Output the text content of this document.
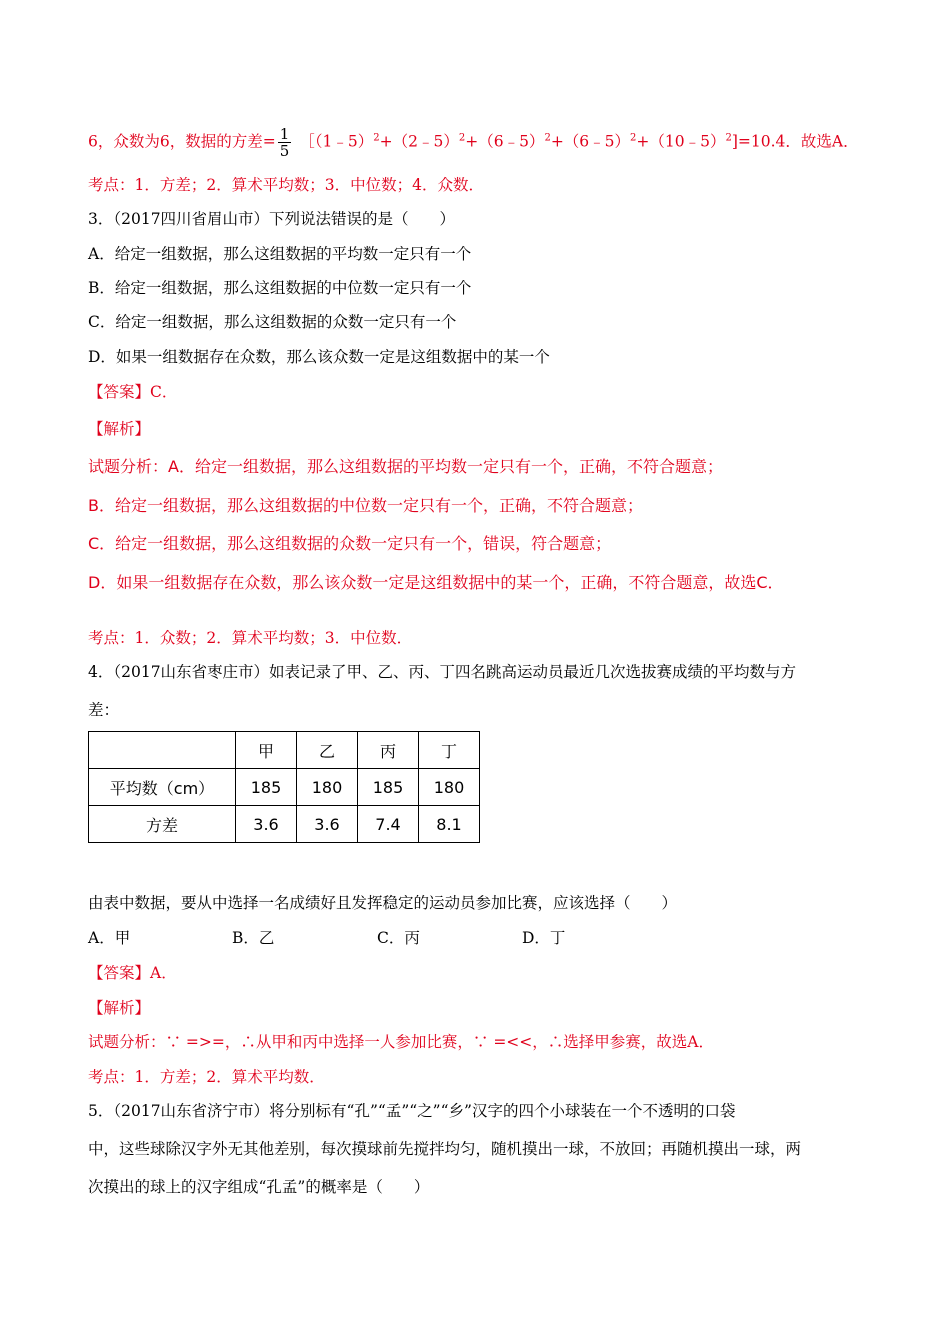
6，众数为6，数据的方差= $\frac{1}{5}$ ［（1﹣5）$^2$+（2﹣5）$^2$+（6﹣5）$^2$+（6﹣5）$^2$+（10﹣5）$^2$]=10.4．故选A．
考点：1．方差；2．算术平均数；3．中位数；4．众数．
3．（2017四川省眉山市）下列说法错误的是（　　）
A．给定一组数据，那么这组数据的平均数一定只有一个
B．给定一组数据，那么这组数据的中位数一定只有一个
C．给定一组数据，那么这组数据的众数一定只有一个
D．如果一组数据存在众数，那么该众数一定是这组数据中的某一个
【答案】C．
【解析】
试题分析：A．给定一组数据，那么这组数据的平均数一定只有一个，正确，不符合题意；
B．给定一组数据，那么这组数据的中位数一定只有一个，正确，不符合题意；
C．给定一组数据，那么这组数据的众数一定只有一个，错误，符合题意；
D．如果一组数据存在众数，那么该众数一定是这组数据中的某一个，正确，不符合题意，故选C．
考点：1．众数；2．算术平均数；3．中位数．
4．（2017山东省枣庄市）如表记录了甲、乙、丙、丁四名跳高运动员最近几次选拔赛成绩的平均数与方
差：
	甲	乙	丙	丁
平均数（cm）	185	180	185	180
方差	3.6	3.6	7.4	8.1
由表中数据，要从中选择一名成绩好且发挥稳定的运动员参加比赛，应该选择（　　）
A．甲	B．乙	C．丙	D．丁
【答案】A．
【解析】
试题分析：∵ =>=，∴从甲和丙中选择一人参加比赛，∵ =<<，∴选择甲参赛，故选A．
考点：1．方差；2．算术平均数．
5．（2017山东省济宁市）将分别标有“孔”“孟”“之”“乡”汉字的四个小球装在一个不透明的口袋
中，这些球除汉字外无其他差别，每次摸球前先搅拌均匀，随机摸出一球，不放回；再随机摸出一球，两
次摸出的球上的汉字组成“孔孟”的概率是（　　）
